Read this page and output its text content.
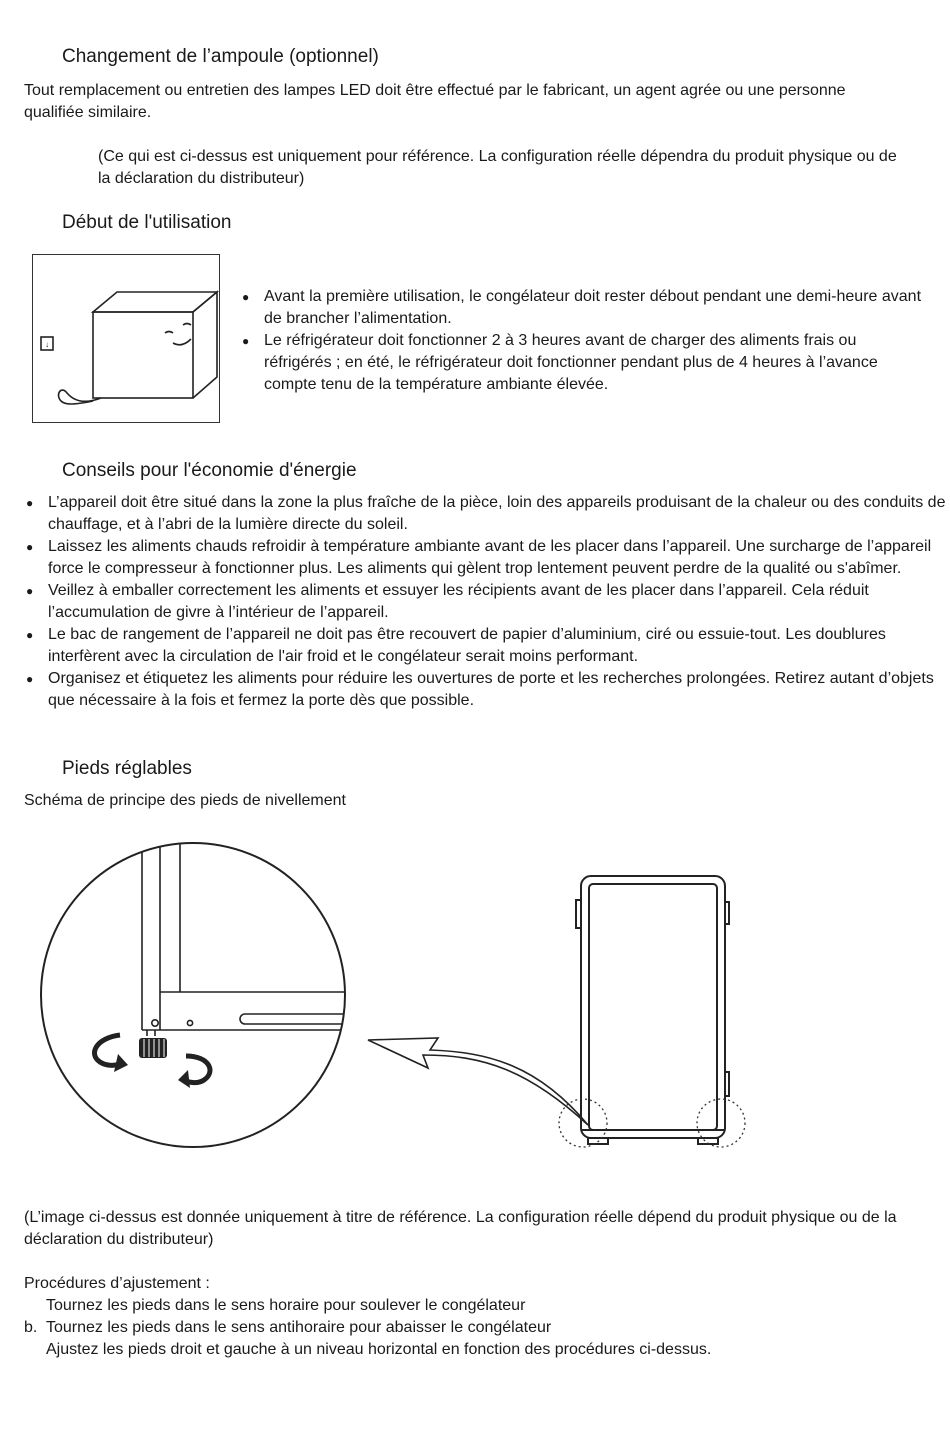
Changement de l’ampoule (optionnel)
Tout remplacement ou entretien des lampes LED doit être effectué par le fabricant, un agent agrée ou une personne qualifiée similaire.
(Ce qui est ci-dessus est uniquement pour référence. La configuration réelle dépendra du produit physique ou de la déclaration du distributeur)
Début de l'utilisation
↓
● Avant la première utilisation, le congélateur doit rester débout pendant une demi-heure avant de brancher l’alimentation.
● Le réfrigérateur doit fonctionner 2 à 3 heures avant de charger des aliments frais ou réfrigérés ; en été, le réfrigérateur doit fonctionner pendant plus de 4 heures à l’avance compte tenu de la température ambiante élevée.
Conseils pour l'économie d'énergie
● L’appareil doit être situé dans la zone la plus fraîche de la pièce, loin des appareils produisant de la chaleur ou des conduits de chauffage, et à l’abri de la lumière directe du soleil.
● Laissez les aliments chauds refroidir à température ambiante avant de les placer dans l’appareil. Une surcharge de l’appareil force le compresseur à fonctionner plus. Les aliments qui gèlent trop lentement peuvent perdre de la qualité ou s'abîmer.
● Veillez à emballer correctement les aliments et essuyer les récipients avant de les placer dans l’appareil. Cela réduit l’accumulation de givre à l’intérieur de l’appareil.
● Le bac de rangement de l’appareil ne doit pas être recouvert de papier d’aluminium, ciré ou essuie-tout. Les doublures interfèrent avec la circulation de l'air froid et le congélateur serait moins performant.
● Organisez et étiquetez les aliments pour réduire les ouvertures de porte et les recherches prolongées. Retirez autant d’objets que nécessaire à la fois et fermez la porte dès que possible.
Pieds réglables
Schéma de principe des pieds de nivellement
(L’image ci-dessus est donnée uniquement à titre de référence. La configuration réelle dépend du produit physique ou de la déclaration du distributeur)
Procédures d’ajustement :
Tournez les pieds dans le sens horaire pour soulever le congélateur
b. Tournez les pieds dans le sens antihoraire pour abaisser le congélateur
Ajustez les pieds droit et gauche à un niveau horizontal en fonction des procédures ci-dessus.
